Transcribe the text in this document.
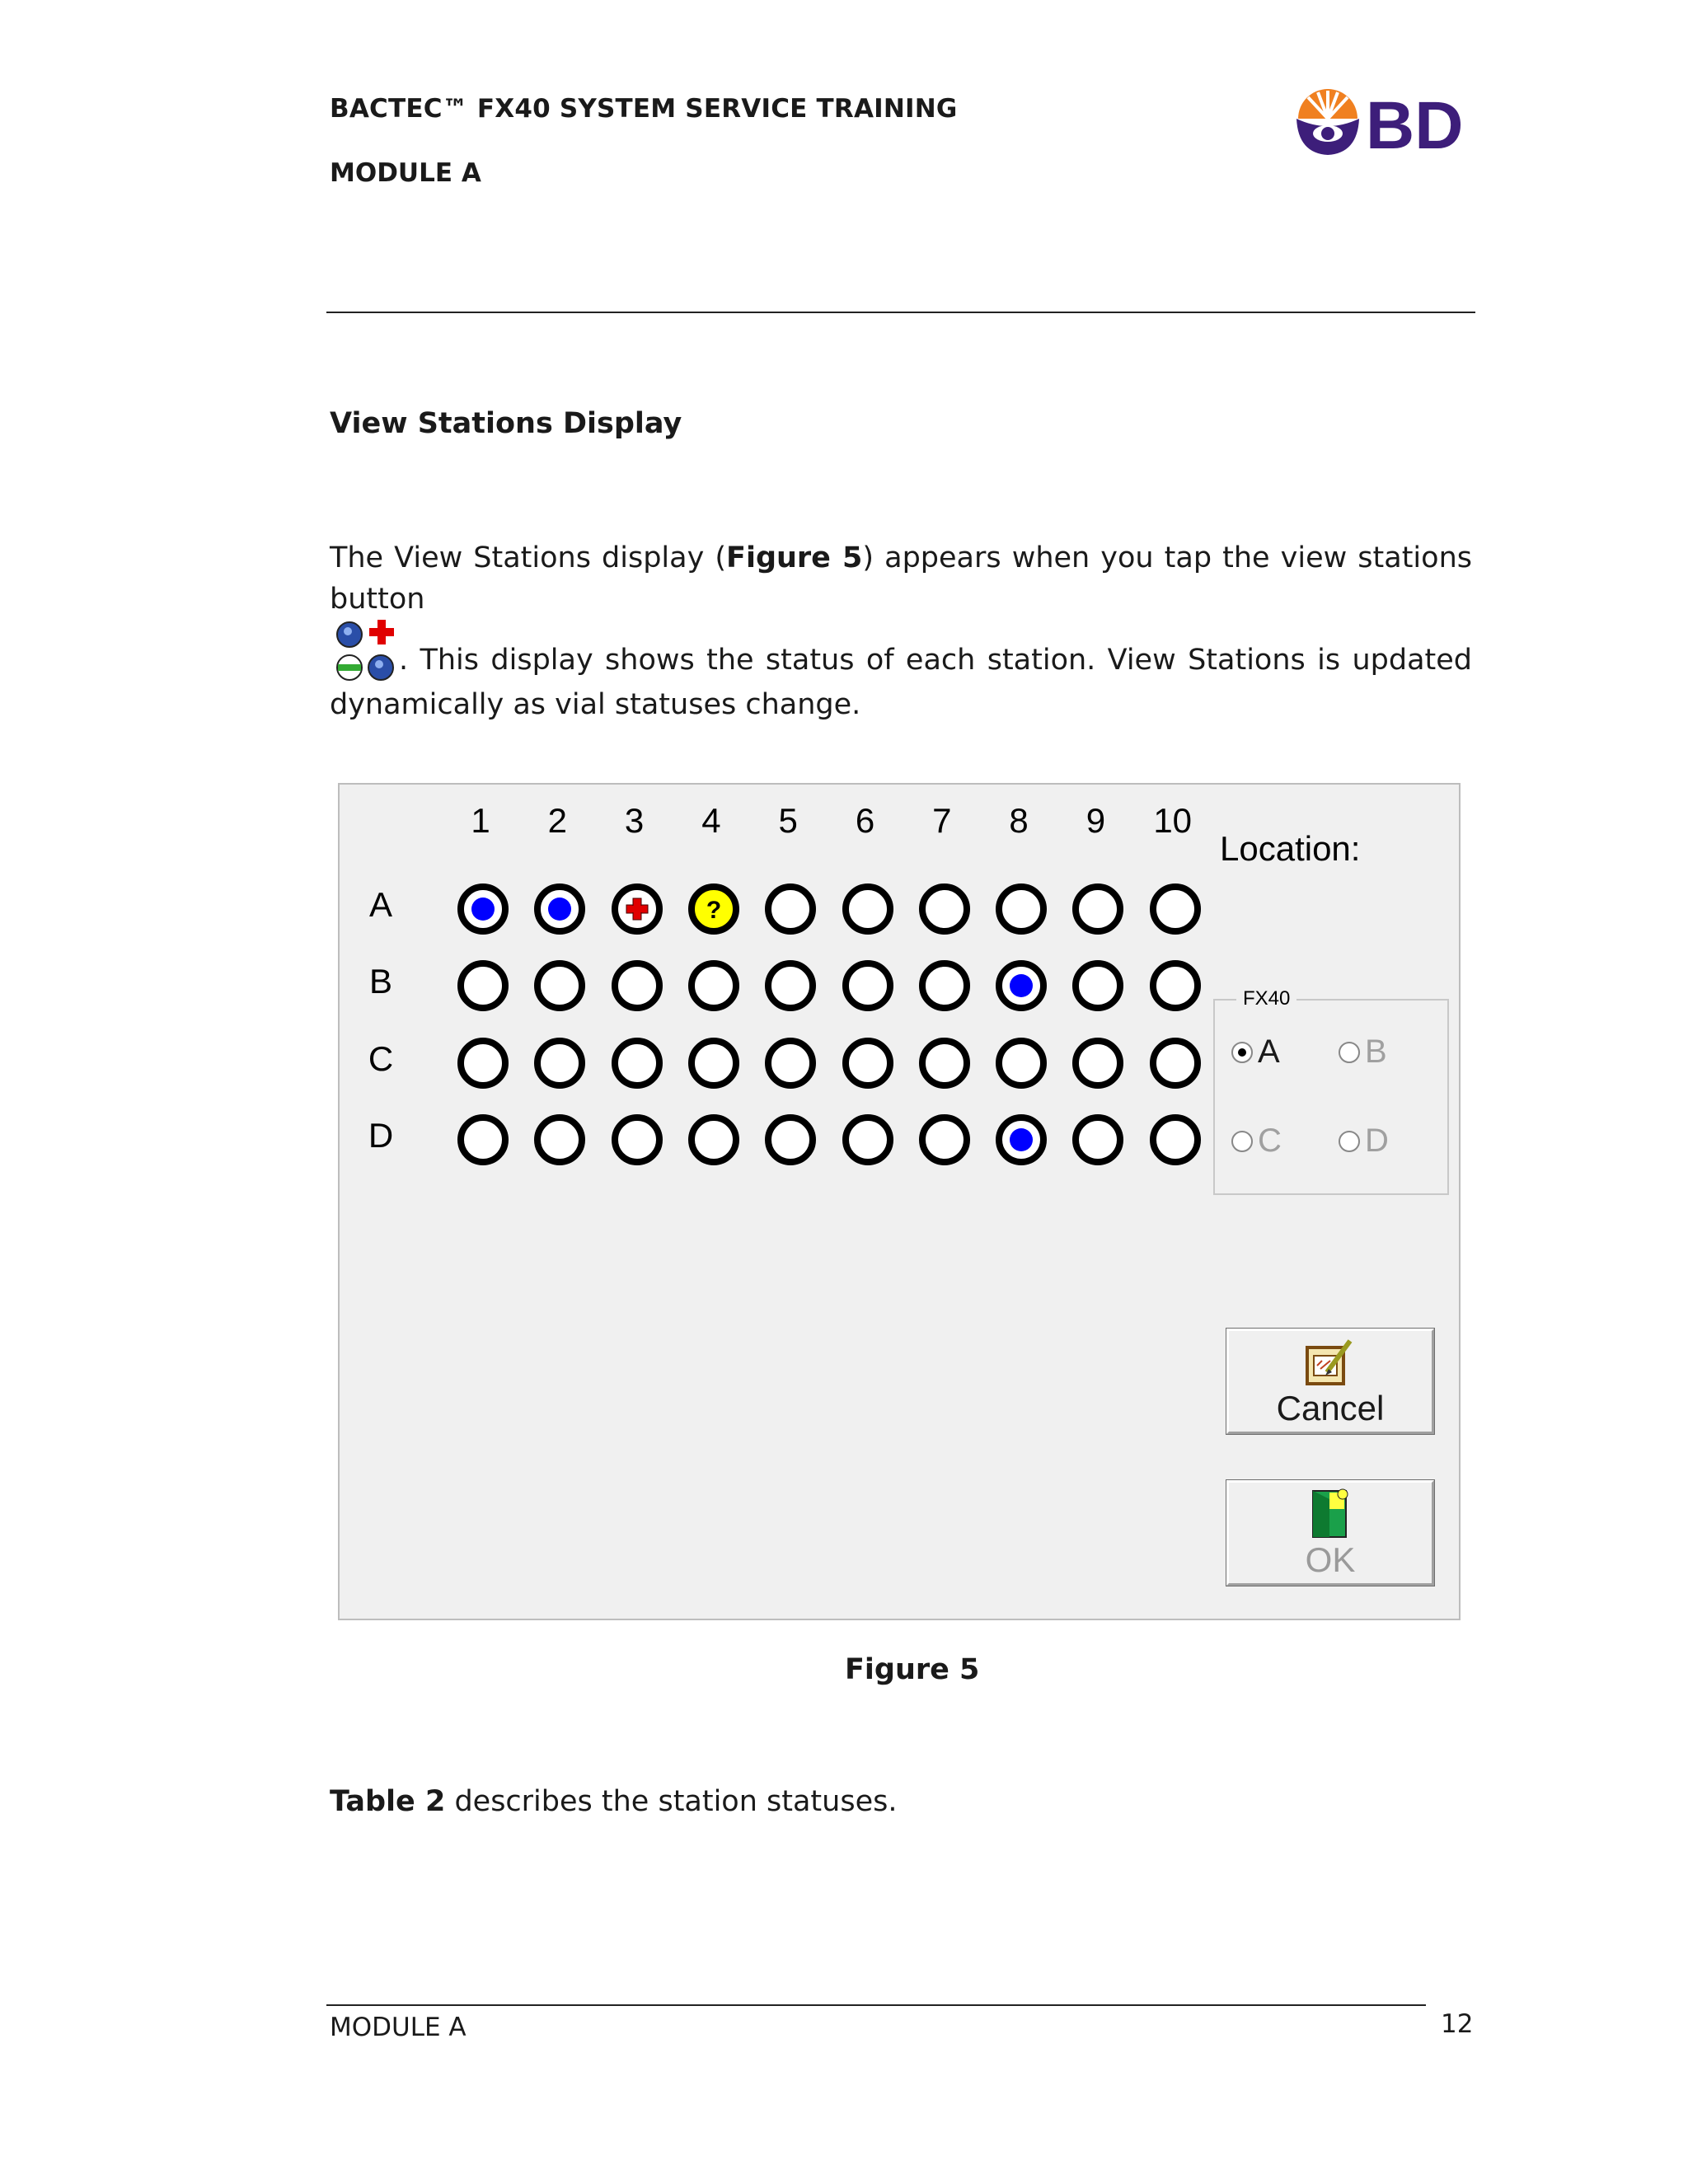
BACTEC™ FX40 SYSTEM SERVICE TRAINING
MODULE A
BD
View Stations Display
The View Stations display (Figure 5) appears when you tap the view stations button
. This display shows the status of each station. View Stations is updated dynamically as vial statuses change.
1	2	3	4	5	6	7	8	9	10
A	?
B
C
D
Location:
FX40
A	B
C	D
Cancel
OK
Figure 5
Table 2 describes the station statuses.
MODULE A	12
